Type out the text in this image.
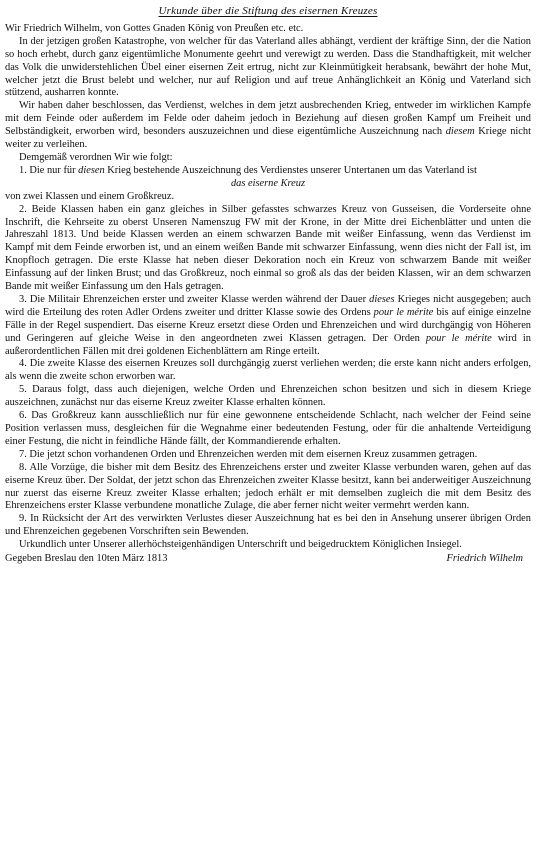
Urkunde über die Stiftung des eisernen Kreuzes

Wir Friedrich Wilhelm, von Gottes Gnaden König von Preußen etc. etc.

In der jetzigen großen Katastrophe, von welcher für das Vaterland alles abhängt, verdient der kräftige Sinn, der die Nation so hoch erhebt, durch ganz eigentümliche Monumente geehrt und verewigt zu werden. Dass die Standhaftigkeit, mit welcher das Volk die unwiderstehlichen Übel einer eisernen Zeit ertrug, nicht zur Kleinmütigkeit herabsank, bewährt der hohe Mut, welcher jetzt die Brust belebt und welcher, nur auf Religion und auf treue Anhänglichkeit an König und Vaterland sich stützend, ausharren konnte.

Wir haben daher beschlossen, das Verdienst, welches in dem jetzt ausbrechenden Krieg, entweder im wirklichen Kampfe mit dem Feinde oder außerdem im Felde oder daheim jedoch in Beziehung auf diesen großen Kampf um Freiheit und Selbständigkeit, erworben wird, besonders auszuzeichnen und diese eigentümliche Auszeichnung nach diesem Kriege nicht weiter zu verleihen.

Demgemäß verordnen Wir wie folgt:

1. Die nur für diesen Krieg bestehende Auszeichnung des Verdienstes unserer Untertanen um das Vaterland ist

das eiserne Kreuz

von zwei Klassen und einem Großkreuz.

2. Beide Klassen haben ein ganz gleiches in Silber gefasstes schwarzes Kreuz von Gusseisen, die Vorderseite ohne Inschrift, die Kehrseite zu oberst Unseren Namenszug FW mit der Krone, in der Mitte drei Eichenblätter und unten die Jahreszahl 1813. Und beide Klassen werden an einem schwarzen Bande mit weißer Einfassung, wenn das Verdienst im Kampf mit dem Feinde erworben ist, und an einem weißen Bande mit schwarzer Einfassung, wenn dies nicht der Fall ist, im Knopfloch getragen. Die erste Klasse hat neben dieser Dekoration noch ein Kreuz von schwarzem Bande mit weißer Einfassung auf der linken Brust; und das Großkreuz, noch einmal so groß als das der beiden Klassen, wir an dem schwarzen Bande mit weißer Einfassung um den Hals getragen.

3. Die Militair Ehrenzeichen erster und zweiter Klasse werden während der Dauer dieses Krieges nicht ausgegeben; auch wird die Erteilung des roten Adler Ordens zweiter und dritter Klasse sowie des Ordens pour le mérite bis auf einige einzelne Fälle in der Regel suspendiert. Das eiserne Kreuz ersetzt diese Orden und Ehrenzeichen und wird durchgängig von Höheren und Geringeren auf gleiche Weise in den angeordneten zwei Klassen getragen. Der Orden pour le mérite wird in außerordentlichen Fällen mit drei goldenen Eichenblättern am Ringe erteilt.

4. Die zweite Klasse des eisernen Kreuzes soll durchgängig zuerst verliehen werden; die erste kann nicht anders erfolgen, als wenn die zweite schon erworben war.

5. Daraus folgt, dass auch diejenigen, welche Orden und Ehrenzeichen schon besitzen und sich in diesem Kriege auszeichnen, zunächst nur das eiserne Kreuz zweiter Klasse erhalten können.

6. Das Großkreuz kann ausschließlich nur für eine gewonnene entscheidende Schlacht, nach welcher der Feind seine Position verlassen muss, desgleichen für die Wegnahme einer bedeutenden Festung, oder für die anhaltende Verteidigung einer Festung, die nicht in feindliche Hände fällt, der Kommandierende erhalten.

7. Die jetzt schon vorhandenen Orden und Ehrenzeichen werden mit dem eisernen Kreuz zusammen getragen.

8. Alle Vorzüge, die bisher mit dem Besitz des Ehrenzeichens erster und zweiter Klasse verbunden waren, gehen auf das eiserne Kreuz über. Der Soldat, der jetzt schon das Ehrenzeichen zweiter Klasse besitzt, kann bei anderweitiger Auszeichnung nur zuerst das eiserne Kreuz zweiter Klasse erhalten; jedoch erhält er mit demselben zugleich die mit dem Besitz des Ehrenzeichens erster Klasse verbundene monatliche Zulage, die aber ferner nicht weiter vermehrt werden kann.

9. In Rücksicht der Art des verwirkten Verlustes dieser Auszeichnung hat es bei den in Ansehung unserer übrigen Orden und Ehrenzeichen gegebenen Vorschriften sein Bewenden.

Urkundlich unter Unserer allerhöchsteigenhändigen Unterschrift und beigedrucktem Königlichen Insiegel.

Gegeben Breslau den 10ten März 1813	Friedrich Wilhelm
